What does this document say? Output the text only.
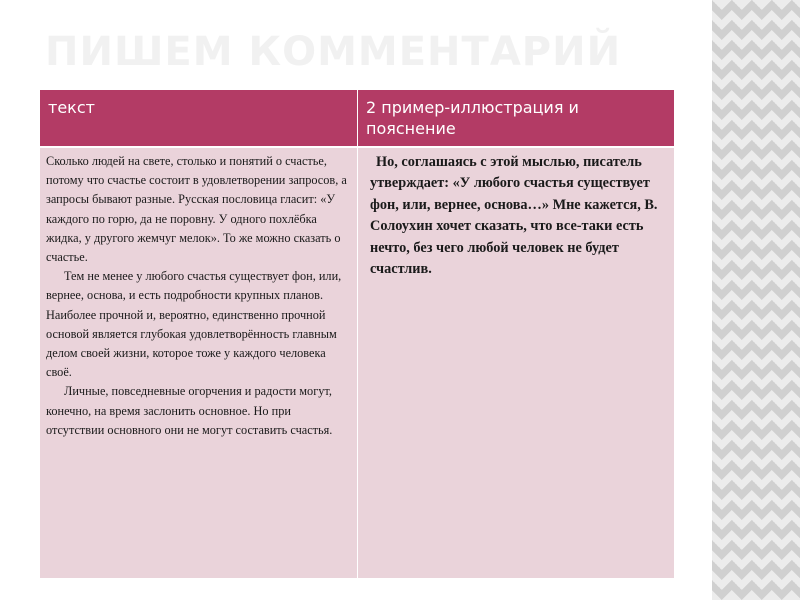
ПИШЕМ КОММЕНТАРИЙ
текст	2 пример-иллюстрация и пояснение

Сколько людей на свете, столько и понятий о счастье, потому что счастье состоит в удовлетворении запросов, а запросы бывают разные. Русская пословица гласит: «У каждого по горю, да не поровну. У одного похлёбка жидка, у другого жемчуг мелок». То же можно сказать о счастье.

Тем не менее у любого счастья существует фон, или, вернее, основа, и есть подробности крупных планов.

Наиболее прочной и, вероятно, единственно прочной основой является глубокая удовлетворённость главным делом своей жизни, которое тоже у каждого человека своё.

Личные, повседневные огорчения и радости могут, конечно, на время заслонить основное. Но при отсутствии основного они не могут составить счастья.

Но, соглашаясь с этой мыслью, писатель утверждает: «У любого счастья существует фон, или, вернее, основа…» Мне кажется, В. Солоухин хочет сказать, что все-таки есть нечто, без чего любой человек не будет счастлив.
